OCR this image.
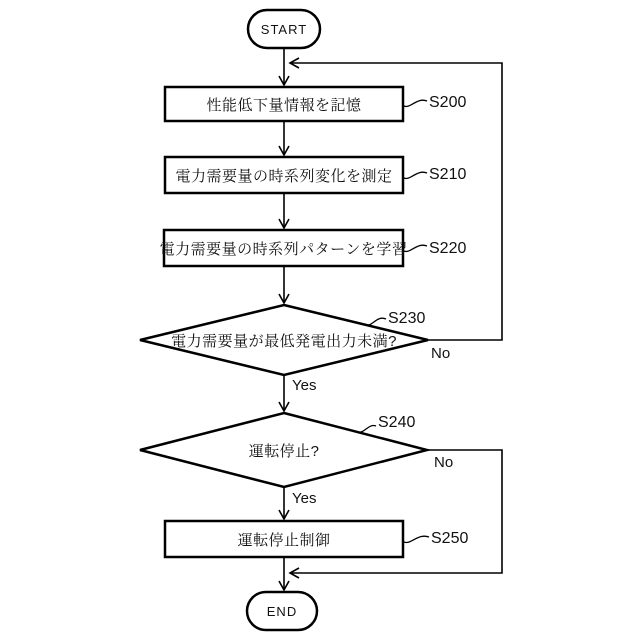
START
性能低下量情報を記憶
電力需要量の時系列変化を測定
電力需要量の時系列パターンを学習
電力需要量が最低発電出力未満?
運転停止?
運転停止制御
END
S200
S210
S220
S230
S240
S250
Yes
No
Yes
No
